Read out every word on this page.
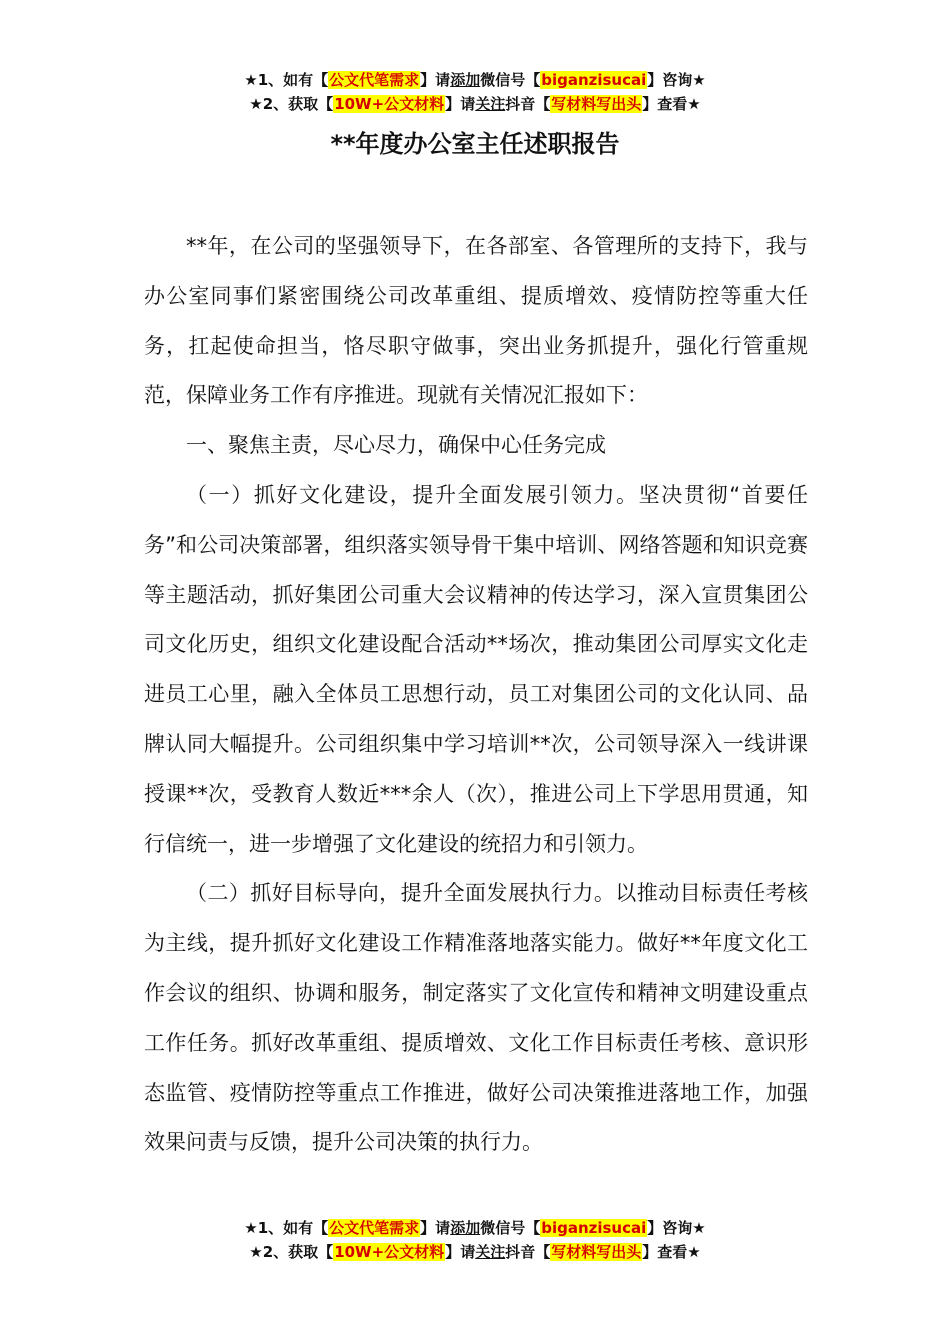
★1、如有【公文代笔需求】请添加微信号【biganzisucai】咨询★
★2、获取【10W+公文材料】请关注抖音【写材料写出头】查看★
**年度办公室主任述职报告

**年，在公司的坚强领导下，在各部室、各管理所的支持下，我与办公室同事们紧密围绕公司改革重组、提质增效、疫情防控等重大任务，扛起使命担当，恪尽职守做事，突出业务抓提升，强化行管重规范，保障业务工作有序推进。现就有关情况汇报如下：

一、聚焦主责，尽心尽力，确保中心任务完成

（一）抓好文化建设，提升全面发展引领力。坚决贯彻“首要任务”和公司决策部署，组织落实领导骨干集中培训、网络答题和知识竞赛等主题活动，抓好集团公司重大会议精神的传达学习，深入宣贯集团公司文化历史，组织文化建设配合活动**场次，推动集团公司厚实文化走进员工心里，融入全体员工思想行动，员工对集团公司的文化认同、品牌认同大幅提升。公司组织集中学习培训**次，公司领导深入一线讲课授课**次，受教育人数近***余人（次），推进公司上下学思用贯通，知行信统一，进一步增强了文化建设的统招力和引领力。

（二）抓好目标导向，提升全面发展执行力。以推动目标责任考核为主线，提升抓好文化建设工作精准落地落实能力。做好**年度文化工作会议的组织、协调和服务，制定落实了文化宣传和精神文明建设重点工作任务。抓好改革重组、提质增效、文化工作目标责任考核、意识形态监管、疫情防控等重点工作推进，做好公司决策推进落地工作，加强效果问责与反馈，提升公司决策的执行力。

★1、如有【公文代笔需求】请添加微信号【biganzisucai】咨询★
★2、获取【10W+公文材料】请关注抖音【写材料写出头】查看★
